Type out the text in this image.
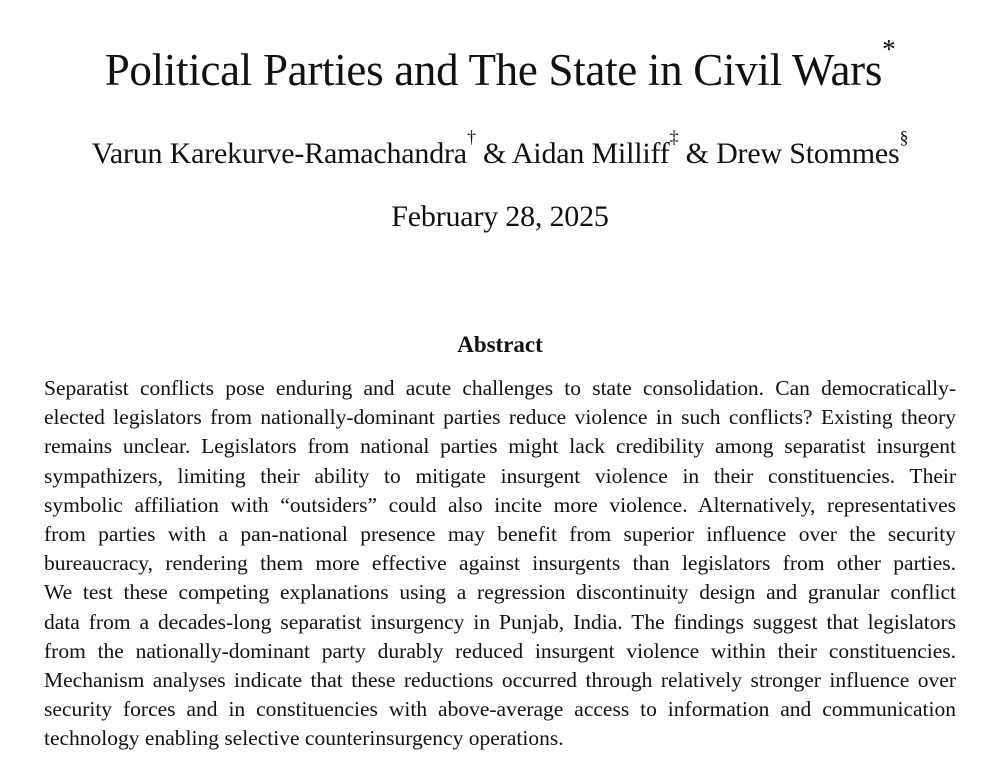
Political Parties and The State in Civil Wars*
Varun Karekurve-Ramachandra† & Aidan Milliff‡ & Drew Stommes§
February 28, 2025
Abstract
Separatist conflicts pose enduring and acute challenges to state consolidation. Can democratically-
elected legislators from nationally-dominant parties reduce violence in such conflicts? Existing theory
remains unclear. Legislators from national parties might lack credibility among separatist insurgent
sympathizers, limiting their ability to mitigate insurgent violence in their constituencies. Their
symbolic affiliation with “outsiders” could also incite more violence. Alternatively, representatives
from parties with a pan-national presence may benefit from superior influence over the security
bureaucracy, rendering them more effective against insurgents than legislators from other parties.
We test these competing explanations using a regression discontinuity design and granular conflict
data from a decades-long separatist insurgency in Punjab, India. The findings suggest that legislators
from the nationally-dominant party durably reduced insurgent violence within their constituencies.
Mechanism analyses indicate that these reductions occurred through relatively stronger influence over
security forces and in constituencies with above-average access to information and communication
technology enabling selective counterinsurgency operations.
